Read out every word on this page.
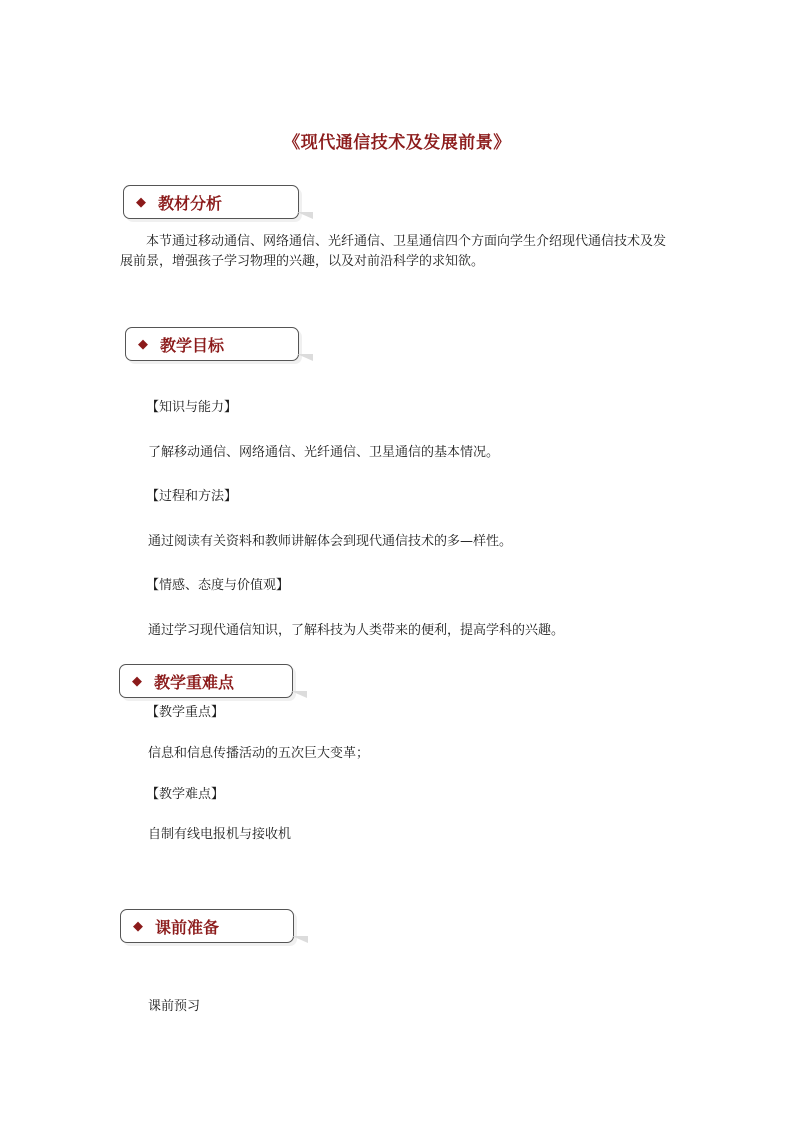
《现代通信技术及发展前景》
◆ 教材分析

本节通过移动通信、网络通信、光纤通信、卫星通信四个方面向学生介绍现代通信技术及发展前景，增强孩子学习物理的兴趣，以及对前沿科学的求知欲。

◆ 教学目标

【知识与能力】

了解移动通信、网络通信、光纤通信、卫星通信的基本情况。

【过程和方法】

通过阅读有关资料和教师讲解体会到现代通信技术的多—样性。

【情感、态度与价值观】

通过学习现代通信知识，了解科技为人类带来的便利，提高学科的兴趣。

◆ 教学重难点

【教学重点】

信息和信息传播活动的五次巨大变革；

【教学难点】

自制有线电报机与接收机

◆ 课前准备

课前预习
